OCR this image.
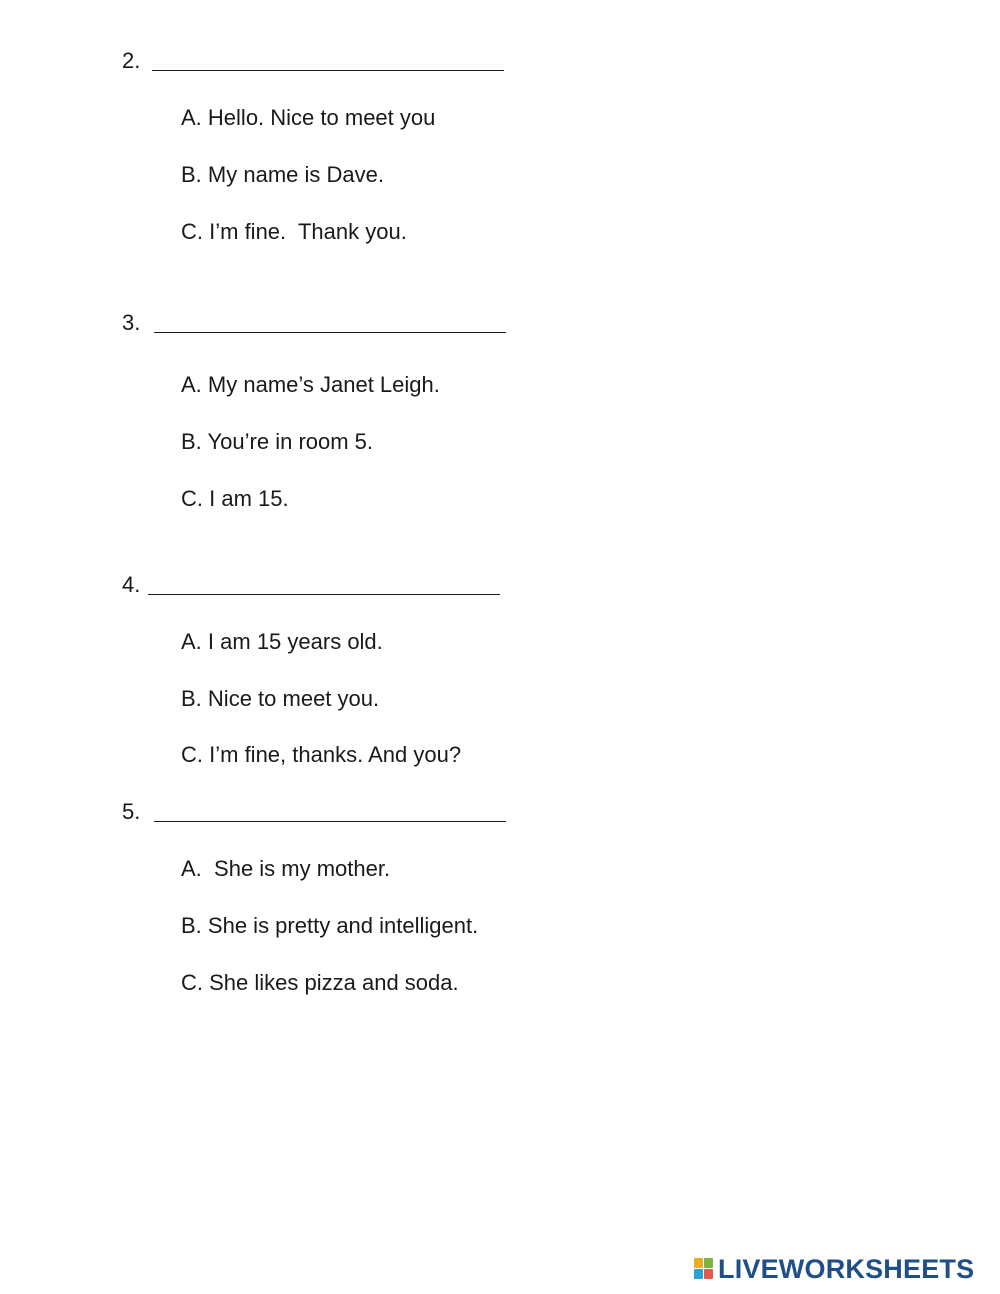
2.
A. Hello. Nice to meet you
B. My name is Dave.
C. I’m fine.  Thank you.
3.
A. My name’s Janet Leigh.
B. You’re in room 5.
C. I am 15.
4.
A. I am 15 years old.
B. Nice to meet you.
C. I’m fine, thanks. And you?
5.
A.  She is my mother.
B. She is pretty and intelligent.
C. She likes pizza and soda.
LIVEWORKSHEETS
